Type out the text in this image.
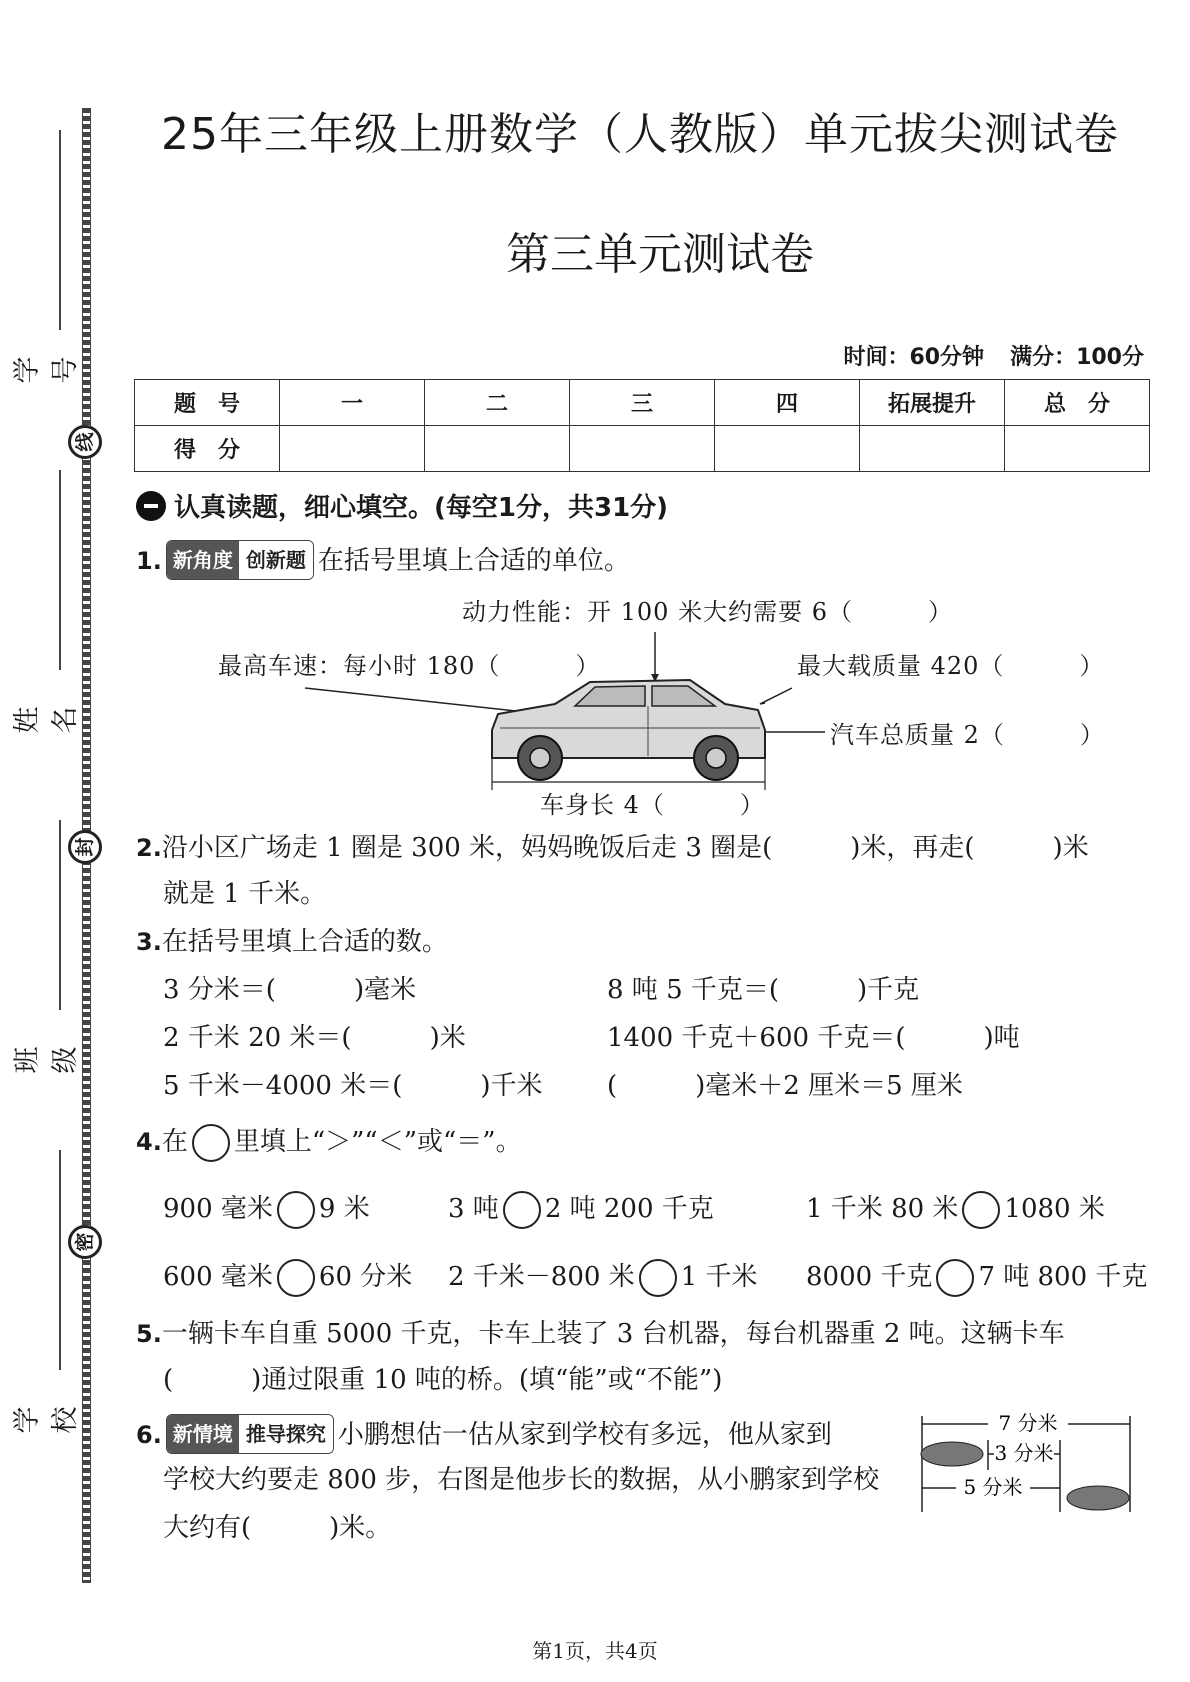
学 号
姓 名
班 级
学 校
线
封
密
25年三年级上册数学（人教版）单元拔尖测试卷
第三单元测试卷
时间：60分钟 满分：100分
题　号	一	二	三	四	拓展提升	总　分
得　分						
认真读题，细心填空。(每空1分，共31分)
1. 新角度 创新题 在括号里填上合适的单位。
动力性能：开 100 米大约需要 6（　　　）
最高车速：每小时 180（　　　）	最大载质量 420（　　　）
汽车总质量 2（　　　）
车身长 4（　　　）
2.沿小区广场走 1 圈是 300 米，妈妈晚饭后走 3 圈是(　　　)米，再走(　　　)米
就是 1 千米。
3.在括号里填上合适的数。
3 分米＝(　　　)毫米	8 吨 5 千克＝(　　　)千克
2 千米 20 米＝(　　　)米	1400 千克＋600 千克＝(　　　)吨
5 千米－4000 米＝(　　　)千米 (　　　)毫米＋2 厘米＝5 厘米
4.在 里填上“＞”“＜”或“＝”。
900 毫米 9 米	3 吨 2 吨 200 千克	1 千米 80 米 1080 米
600 毫米 60 分米 2 千米－800 米 1 千米 8000 千克 7 吨 800 千克
5.一辆卡车自重 5000 千克，卡车上装了 3 台机器，每台机器重 2 吨。这辆卡车
(　　　)通过限重 10 吨的桥。(填“能”或“不能”)
6. 新情境 推导探究 小鹏想估一估从家到学校有多远，他从家到
学校大约要走 800 步，右图是他步长的数据，从小鹏家到学校
大约有(　　　)米。
7 分米
3 分米
5 分米
第1页，共4页
